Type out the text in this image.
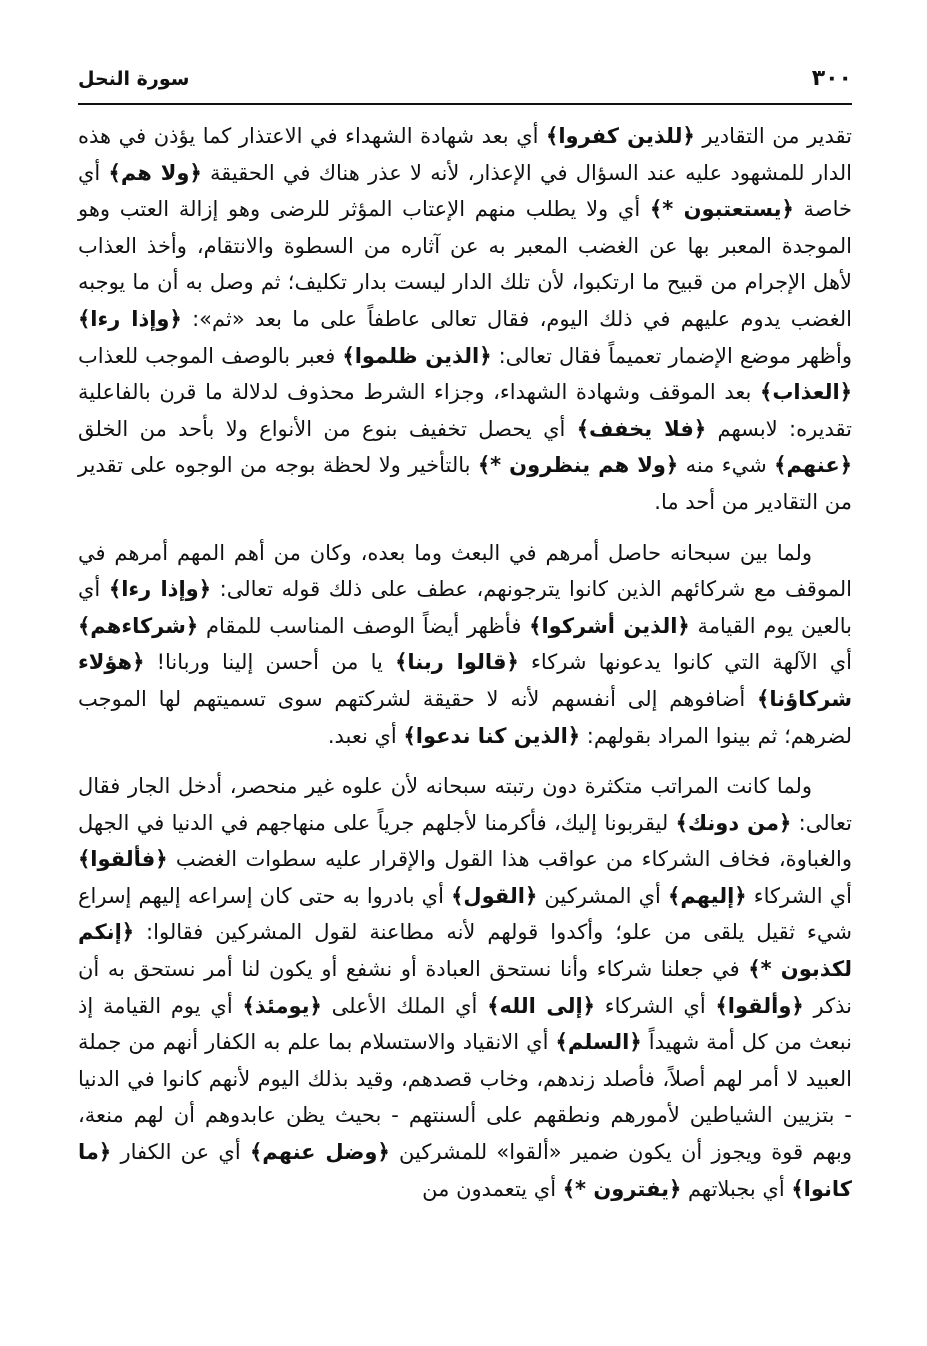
٣٠٠
سورة النحل

تقدير من التقادير ﴿للذين كفروا﴾ أي بعد شهادة الشهداء في الاعتذار كما يؤذن في هذه الدار للمشهود عليه عند السؤال في الإعذار، لأنه لا عذر هناك في الحقيقة ﴿ولا هم﴾ أي خاصة ﴿يستعتبون *﴾ أي ولا يطلب منهم الإعتاب المؤثر للرضى وهو إزالة العتب وهو الموجدة المعبر بها عن الغضب المعبر به عن آثاره من السطوة والانتقام، وأخذ العذاب لأهل الإجرام من قبيح ما ارتكبوا، لأن تلك الدار ليست بدار تكليف؛ ثم وصل به أن ما يوجبه الغضب يدوم عليهم في ذلك اليوم، فقال تعالى عاطفاً على ما بعد «ثم»: ﴿وإذا رءا﴾ وأظهر موضع الإضمار تعميماً فقال تعالى: ﴿الذين ظلموا﴾ فعبر بالوصف الموجب للعذاب ﴿العذاب﴾ بعد الموقف وشهادة الشهداء، وجزاء الشرط محذوف لدلالة ما قرن بالفاعلية تقديره: لابسهم ﴿فلا يخفف﴾ أي يحصل تخفيف بنوع من الأنواع ولا بأحد من الخلق ﴿عنهم﴾ شيء منه ﴿ولا هم ينظرون *﴾ بالتأخير ولا لحظة بوجه من الوجوه على تقدير من التقادير من أحد ما.

ولما بين سبحانه حاصل أمرهم في البعث وما بعده، وكان من أهم المهم أمرهم في الموقف مع شركائهم الذين كانوا يترجونهم، عطف على ذلك قوله تعالى: ﴿وإذا رءا﴾ أي بالعين يوم القيامة ﴿الذين أشركوا﴾ فأظهر أيضاً الوصف المناسب للمقام ﴿شركاءهم﴾ أي الآلهة التي كانوا يدعونها شركاء ﴿قالوا ربنا﴾ يا من أحسن إلينا وربانا! ﴿هؤلاء شركاؤنا﴾ أضافوهم إلى أنفسهم لأنه لا حقيقة لشركتهم سوى تسميتهم لها الموجب لضرهم؛ ثم بينوا المراد بقولهم: ﴿الذين كنا ندعوا﴾ أي نعبد.

ولما كانت المراتب متكثرة دون رتبته سبحانه لأن علوه غير منحصر، أدخل الجار فقال تعالى: ﴿من دونك﴾ ليقربونا إليك، فأكرمنا لأجلهم جرياً على منهاجهم في الدنيا في الجهل والغباوة، فخاف الشركاء من عواقب هذا القول والإقرار عليه سطوات الغضب ﴿فألقوا﴾ أي الشركاء ﴿إليهم﴾ أي المشركين ﴿القول﴾ أي بادروا به حتى كان إسراعه إليهم إسراع شيء ثقيل يلقى من علو؛ وأكدوا قولهم لأنه مطاعنة لقول المشركين فقالوا: ﴿إنكم لكذبون *﴾ في جعلنا شركاء وأنا نستحق العبادة أو نشفع أو يكون لنا أمر نستحق به أن نذكر ﴿وألقوا﴾ أي الشركاء ﴿إلى الله﴾ أي الملك الأعلى ﴿يومئذ﴾ أي يوم القيامة إذ نبعث من كل أمة شهيداً ﴿السلم﴾ أي الانقياد والاستسلام بما علم به الكفار أنهم من جملة العبيد لا أمر لهم أصلاً، فأصلد زندهم، وخاب قصدهم، وقيد بذلك اليوم لأنهم كانوا في الدنيا - بتزيين الشياطين لأمورهم ونطقهم على ألسنتهم - بحيث يظن عابدوهم أن لهم منعة، وبهم قوة ويجوز أن يكون ضمير «ألقوا» للمشركين ﴿وضل عنهم﴾ أي عن الكفار ﴿ما كانوا﴾ أي بجبلاتهم ﴿يفترون *﴾ أي يتعمدون من
